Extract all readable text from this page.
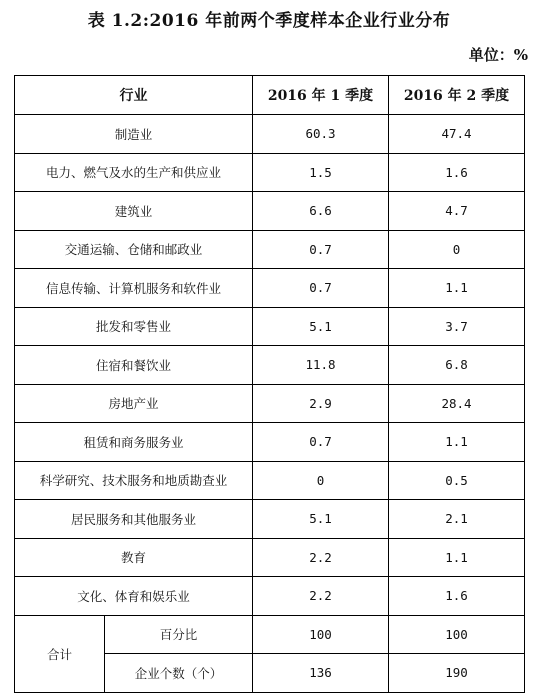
表 1.2:2016 年前两个季度样本企业行业分布
单位：%
行业		2016 年 1 季度	2016 年 2 季度
制造业		60.3	47.4
电力、燃气及水的生产和供应业		1.5	1.6
建筑业		6.6	4.7
交通运输、仓储和邮政业		0.7	0
信息传输、计算机服务和软件业		0.7	1.1
批发和零售业		5.1	3.7
住宿和餐饮业		11.8	6.8
房地产业		2.9	28.4
租赁和商务服务业		0.7	1.1
科学研究、技术服务和地质勘查业		0	0.5
居民服务和其他服务业		5.1	2.1
教育		2.2	1.1
文化、体育和娱乐业		2.2	1.6
合计	百分比	100	100
	企业个数（个）	136	190
